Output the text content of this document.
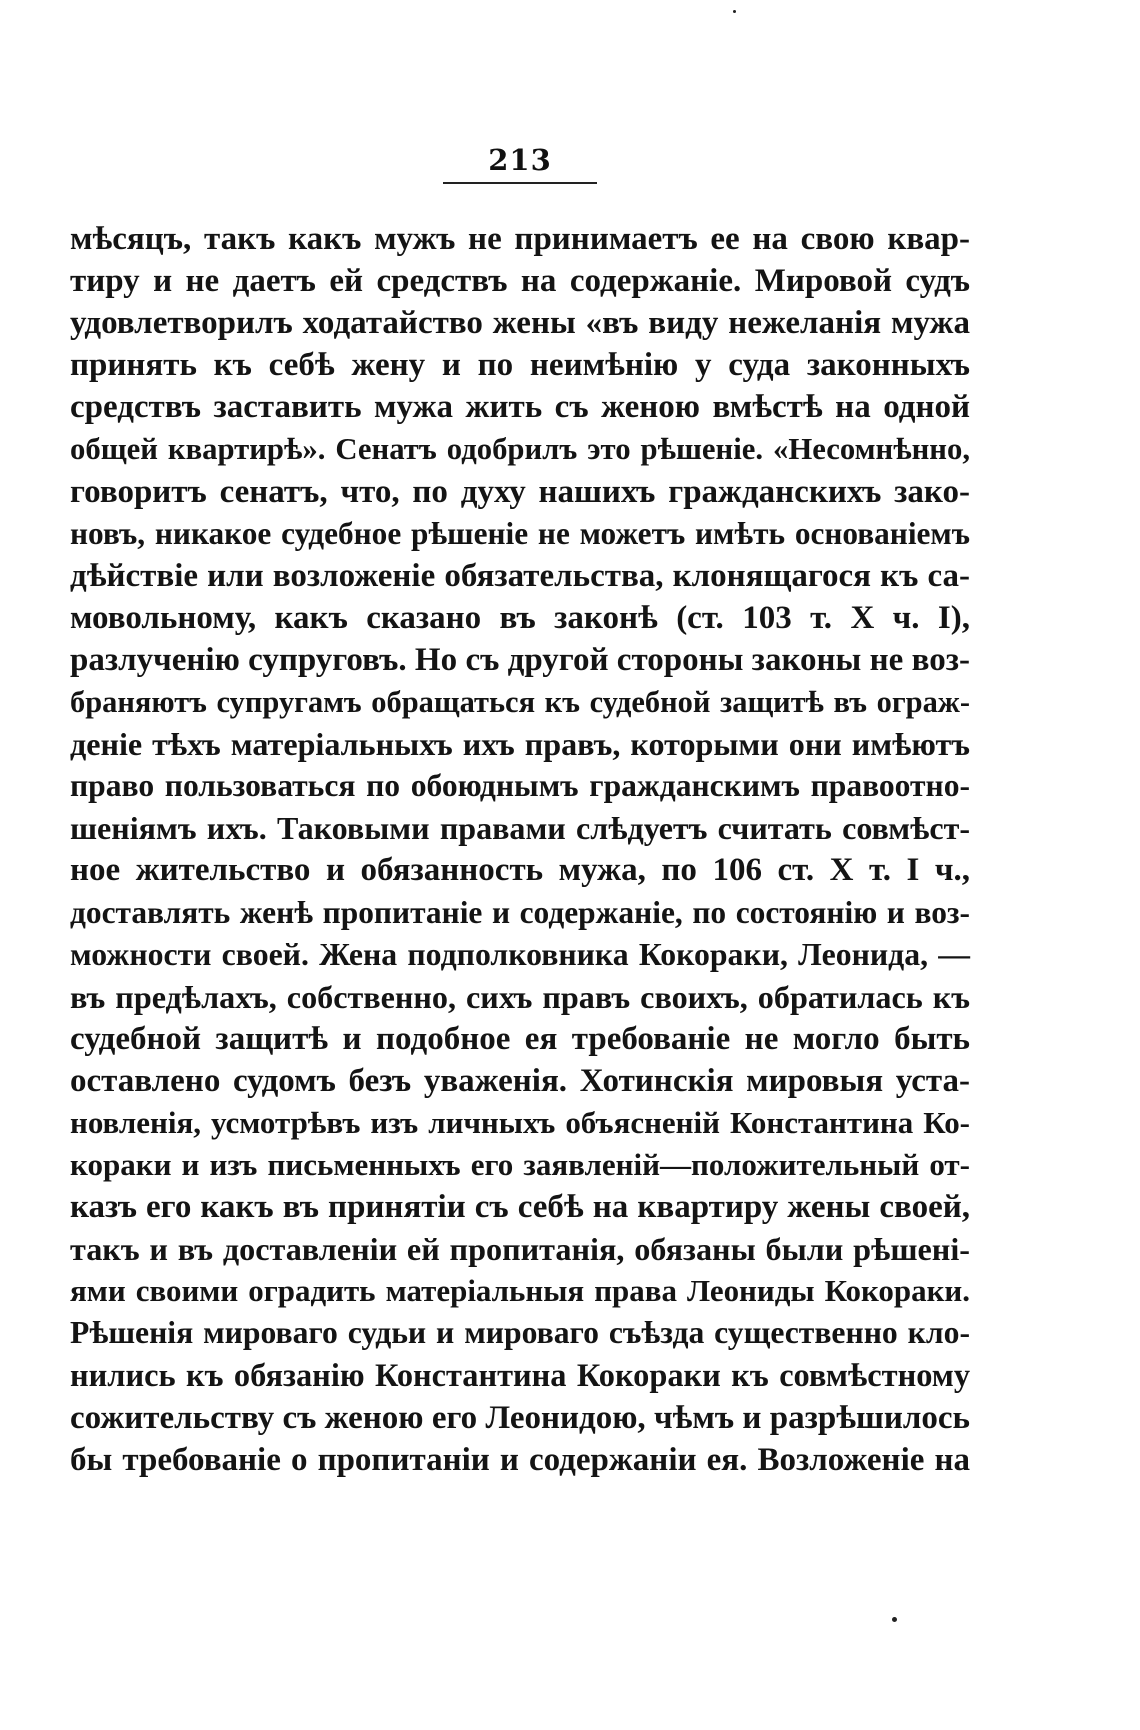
213
мѣсяцъ, такъ какъ мужъ не принимаетъ ее на свою квар-
тиру и не даетъ ей средствъ на содержаніе. Мировой судъ
удовлетворилъ ходатайство жены «въ виду нежеланія мужа
принять къ себѣ жену и по неимѣнію у суда законныхъ
средствъ заставить мужа жить съ женою вмѣстѣ на одной
общей квартирѣ». Сенатъ одобрилъ это рѣшеніе. «Несомнѣнно,
говоритъ сенатъ, что, по духу нашихъ гражданскихъ зако-
новъ, никакое судебное рѣшеніе не можетъ имѣть основаніемъ
дѣйствіе или возложеніе обязательства, клонящагося къ са-
мовольному, какъ сказано въ законѣ (ст. 103 т. X ч. I),
разлученію супруговъ. Но съ другой стороны законы не воз-
браняютъ супругамъ обращаться къ судебной защитѣ въ ограж-
деніе тѣхъ матеріальныхъ ихъ правъ, которыми они имѣютъ
право пользоваться по обоюднымъ гражданскимъ правоотно-
шеніямъ ихъ. Таковыми правами слѣдуетъ считать совмѣст-
ное жительство и обязанность мужа, по 106 ст. X т. I ч.,
доставлять женѣ пропитаніе и содержаніе, по состоянію и воз-
можности своей. Жена подполковника Кокораки, Леонида, —
въ предѣлахъ, собственно, сихъ правъ своихъ, обратилась къ
судебной защитѣ и подобное ея требованіе не могло быть
оставлено судомъ безъ уваженія. Хотинскія мировыя уста-
новленія, усмотрѣвъ изъ личныхъ объясненій Константина Ко-
кораки и изъ письменныхъ его заявленій—положительный от-
казъ его какъ въ принятіи съ себѣ на квартиру жены своей,
такъ и въ доставленіи ей пропитанія, обязаны были рѣшені-
ями своими оградить матеріальныя права Леониды Кокораки.
Рѣшенія мироваго судьи и мироваго съѣзда существенно кло-
нились къ обязанію Константина Кокораки къ совмѣстному
сожительству съ женою его Леонидою, чѣмъ и разрѣшилось
бы требованіе о пропитаніи и содержаніи ея. Возложеніе на
